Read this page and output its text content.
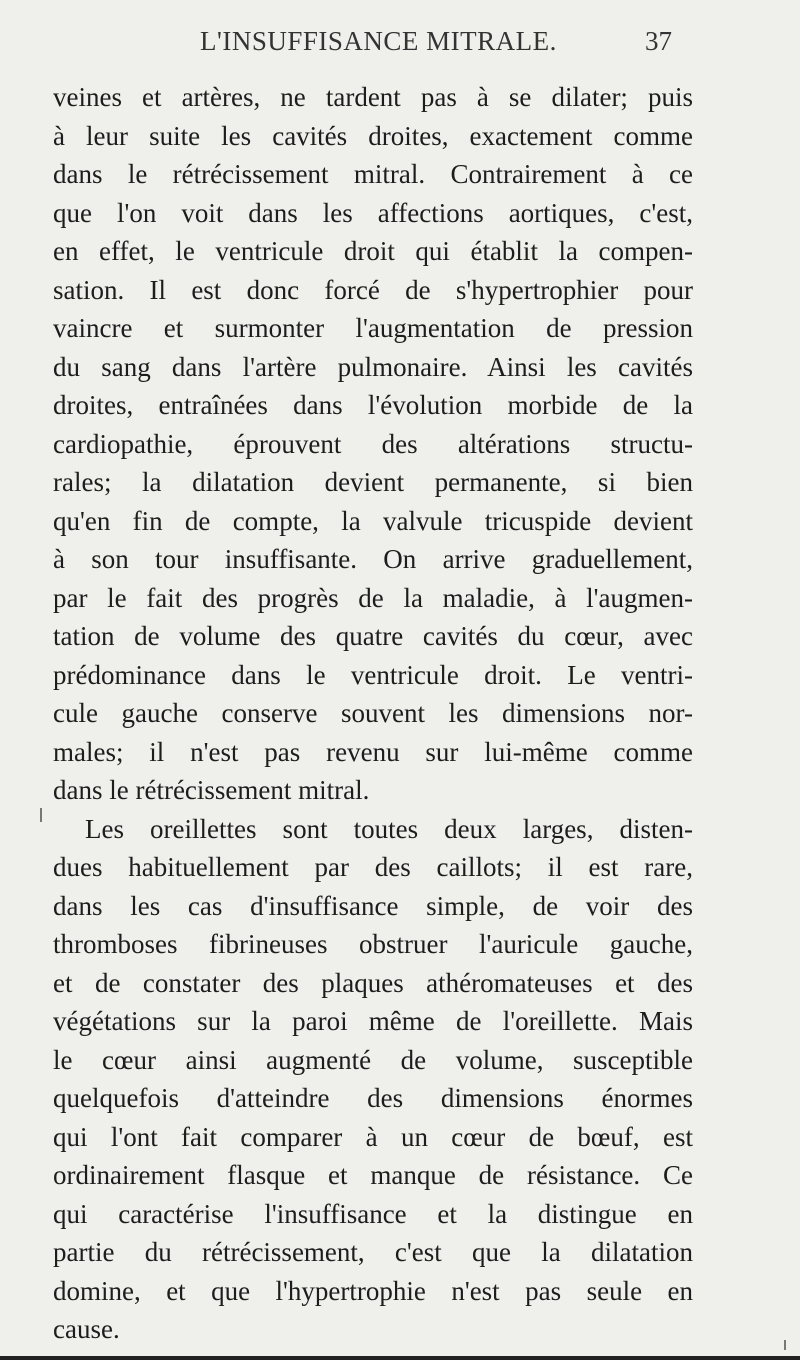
L'INSUFFISANCE MITRALE.	37
veines et artères, ne tardent pas à se dilater; puis
à leur suite les cavités droites, exactement comme
dans le rétrécissement mitral. Contrairement à ce
que l'on voit dans les affections aortiques, c'est,
en effet, le ventricule droit qui établit la compen-
sation. Il est donc forcé de s'hypertrophier pour
vaincre et surmonter l'augmentation de pression
du sang dans l'artère pulmonaire. Ainsi les cavités
droites, entraînées dans l'évolution morbide de la
cardiopathie, éprouvent des altérations structu-
rales; la dilatation devient permanente, si bien
qu'en fin de compte, la valvule tricuspide devient
à son tour insuffisante. On arrive graduellement,
par le fait des progrès de la maladie, à l'augmen-
tation de volume des quatre cavités du cœur, avec
prédominance dans le ventricule droit. Le ventri-
cule gauche conserve souvent les dimensions nor-
males; il n'est pas revenu sur lui-même comme
dans le rétrécissement mitral.
Les oreillettes sont toutes deux larges, disten-
dues habituellement par des caillots; il est rare,
dans les cas d'insuffisance simple, de voir des
thromboses fibrineuses obstruer l'auricule gauche,
et de constater des plaques athéromateuses et des
végétations sur la paroi même de l'oreillette. Mais
le cœur ainsi augmenté de volume, susceptible
quelquefois d'atteindre des dimensions énormes
qui l'ont fait comparer à un cœur de bœuf, est
ordinairement flasque et manque de résistance. Ce
qui caractérise l'insuffisance et la distingue en
partie du rétrécissement, c'est que la dilatation
domine, et que l'hypertrophie n'est pas seule en
cause.
